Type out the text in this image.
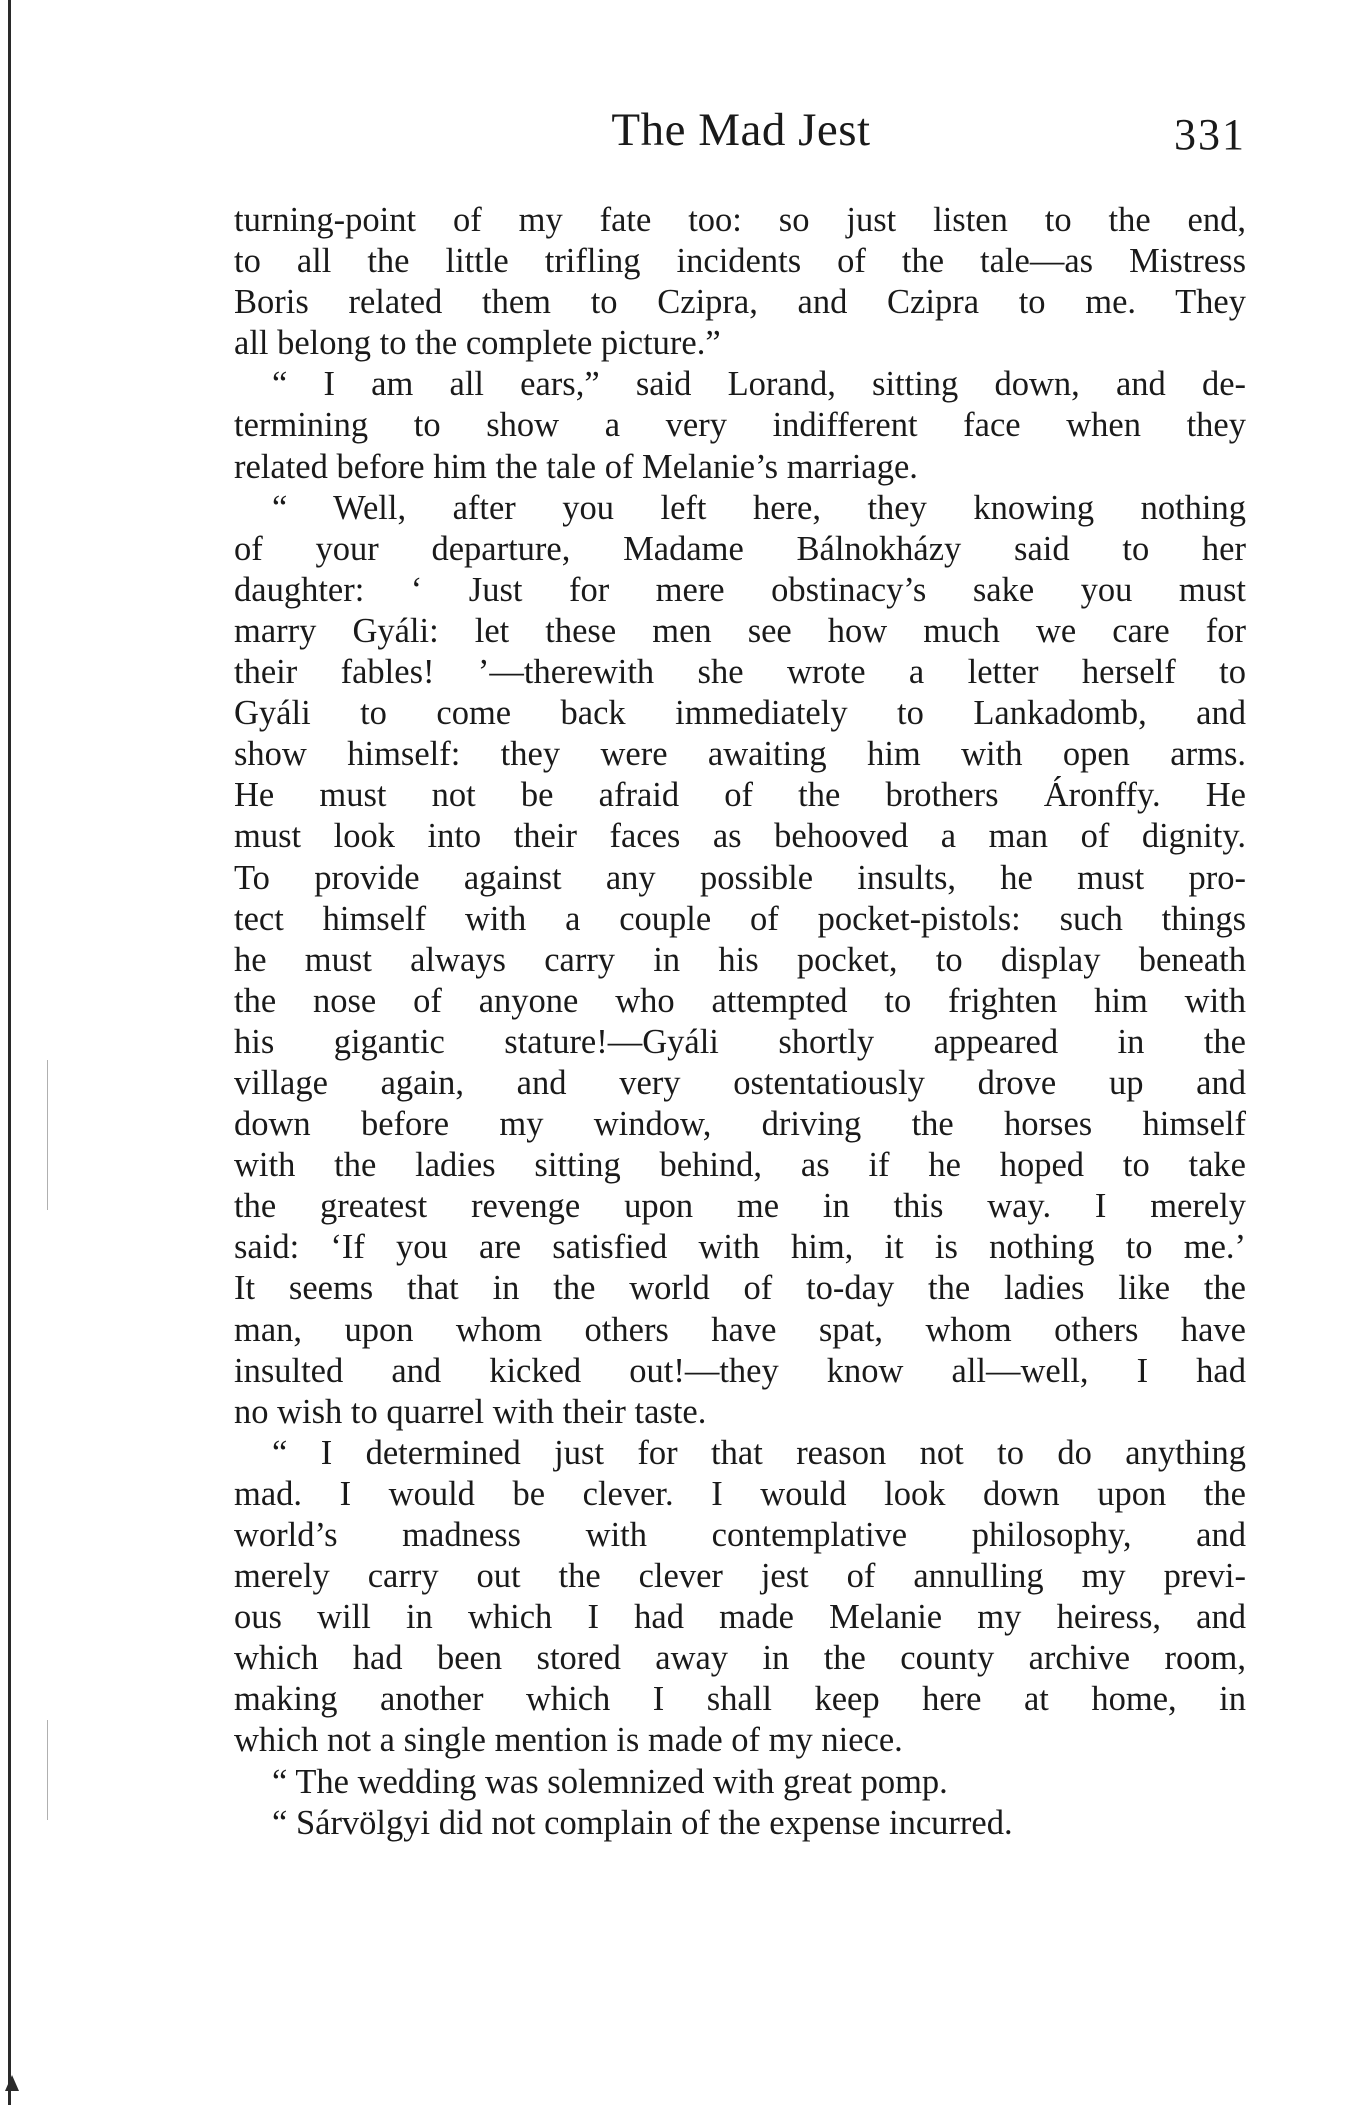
The Mad Jest	331
turning-point of my fate too: so just listen to the end,
to all the little trifling incidents of the tale—as Mistress
Boris related them to Czipra, and Czipra to me. They
all belong to the complete picture.”
“ I am all ears,” said Lorand, sitting down, and de-
termining to show a very indifferent face when they
related before him the tale of Melanie’s marriage.
“ Well, after you left here, they knowing nothing
of your departure, Madame Bálnokházy said to her
daughter: ‘ Just for mere obstinacy’s sake you must
marry Gyáli: let these men see how much we care for
their fables! ’—therewith she wrote a letter herself to
Gyáli to come back immediately to Lankadomb, and
show himself: they were awaiting him with open arms.
He must not be afraid of the brothers Áronffy. He
must look into their faces as behooved a man of dignity.
To provide against any possible insults, he must pro-
tect himself with a couple of pocket-pistols: such things
he must always carry in his pocket, to display beneath
the nose of anyone who attempted to frighten him with
his gigantic stature!—Gyáli shortly appeared in the
village again, and very ostentatiously drove up and
down before my window, driving the horses himself
with the ladies sitting behind, as if he hoped to take
the greatest revenge upon me in this way. I merely
said: ‘If you are satisfied with him, it is nothing to me.’
It seems that in the world of to-day the ladies like the
man, upon whom others have spat, whom others have
insulted and kicked out!—they know all—well, I had
no wish to quarrel with their taste.
“ I determined just for that reason not to do anything
mad. I would be clever. I would look down upon the
world’s madness with contemplative philosophy, and
merely carry out the clever jest of annulling my previ-
ous will in which I had made Melanie my heiress, and
which had been stored away in the county archive room,
making another which I shall keep here at home, in
which not a single mention is made of my niece.
“ The wedding was solemnized with great pomp.
“ Sárvölgyi did not complain of the expense incurred.
